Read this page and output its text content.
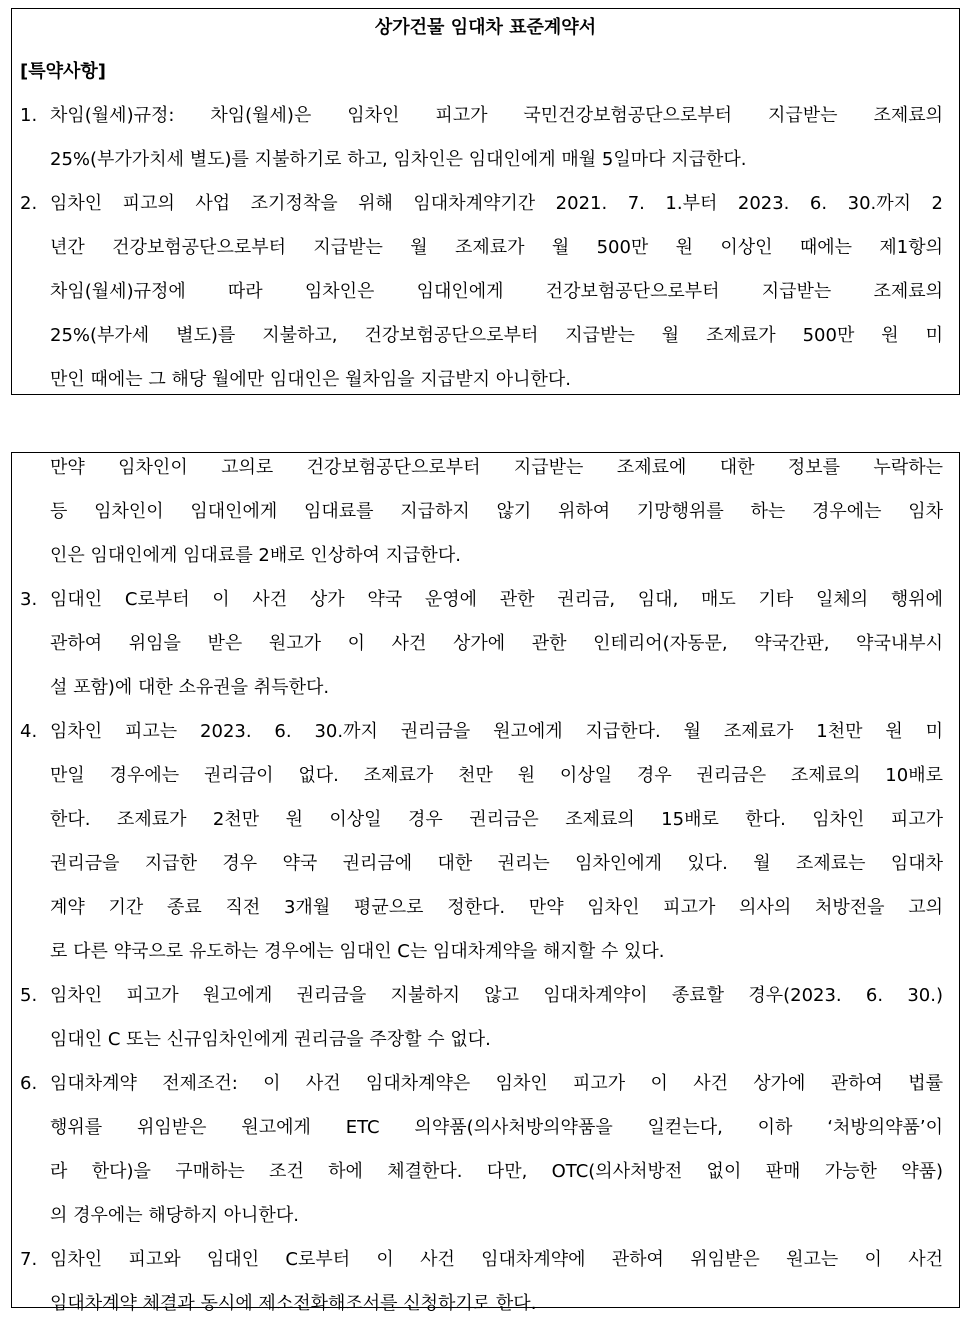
상가건물 임대차 표준계약서
[특약사항]
1. 차임(월세)규정: 차임(월세)은 임차인 피고가 국민건강보험공단으로부터 지급받는 조제료의
25%(부가가치세 별도)를 지불하기로 하고, 임차인은 임대인에게 매월 5일마다 지급한다.
2. 임차인 피고의 사업 조기정착을 위해 임대차계약기간 2021. 7. 1.부터 2023. 6. 30.까지 2
년간 건강보험공단으로부터 지급받는 월 조제료가 월 500만 원 이상인 때에는 제1항의
차임(월세)규정에 따라 임차인은 임대인에게 건강보험공단으로부터 지급받는 조제료의
25%(부가세 별도)를 지불하고, 건강보험공단으로부터 지급받는 월 조제료가 500만 원 미
만인 때에는 그 해당 월에만 임대인은 월차임을 지급받지 아니한다.
만약 임차인이 고의로 건강보험공단으로부터 지급받는 조제료에 대한 정보를 누락하는
등 임차인이 임대인에게 임대료를 지급하지 않기 위하여 기망행위를 하는 경우에는 임차
인은 임대인에게 임대료를 2배로 인상하여 지급한다.
3. 임대인 C로부터 이 사건 상가 약국 운영에 관한 권리금, 임대, 매도 기타 일체의 행위에
관하여 위임을 받은 원고가 이 사건 상가에 관한 인테리어(자동문, 약국간판, 약국내부시
설 포함)에 대한 소유권을 취득한다.
4. 임차인 피고는 2023. 6. 30.까지 권리금을 원고에게 지급한다. 월 조제료가 1천만 원 미
만일 경우에는 권리금이 없다. 조제료가 천만 원 이상일 경우 권리금은 조제료의 10배로
한다. 조제료가 2천만 원 이상일 경우 권리금은 조제료의 15배로 한다. 임차인 피고가
권리금을 지급한 경우 약국 권리금에 대한 권리는 임차인에게 있다. 월 조제료는 임대차
계약 기간 종료 직전 3개월 평균으로 정한다. 만약 임차인 피고가 의사의 처방전을 고의
로 다른 약국으로 유도하는 경우에는 임대인 C는 임대차계약을 해지할 수 있다.
5. 임차인 피고가 원고에게 권리금을 지불하지 않고 임대차계약이 종료할 경우(2023. 6. 30.)
임대인 C 또는 신규임차인에게 권리금을 주장할 수 없다.
6. 임대차계약 전제조건: 이 사건 임대차계약은 임차인 피고가 이 사건 상가에 관하여 법률
행위를 위임받은 원고에게 ETC 의약품(의사처방의약품을 일컫는다, 이하 ‘처방의약품’이
라 한다)을 구매하는 조건 하에 체결한다. 다만, OTC(의사처방전 없이 판매 가능한 약품)
의 경우에는 해당하지 아니한다.
7. 임차인 피고와 임대인 C로부터 이 사건 임대차계약에 관하여 위임받은 원고는 이 사건
임대차계약 체결과 동시에 제소전화해조서를 신청하기로 한다.
